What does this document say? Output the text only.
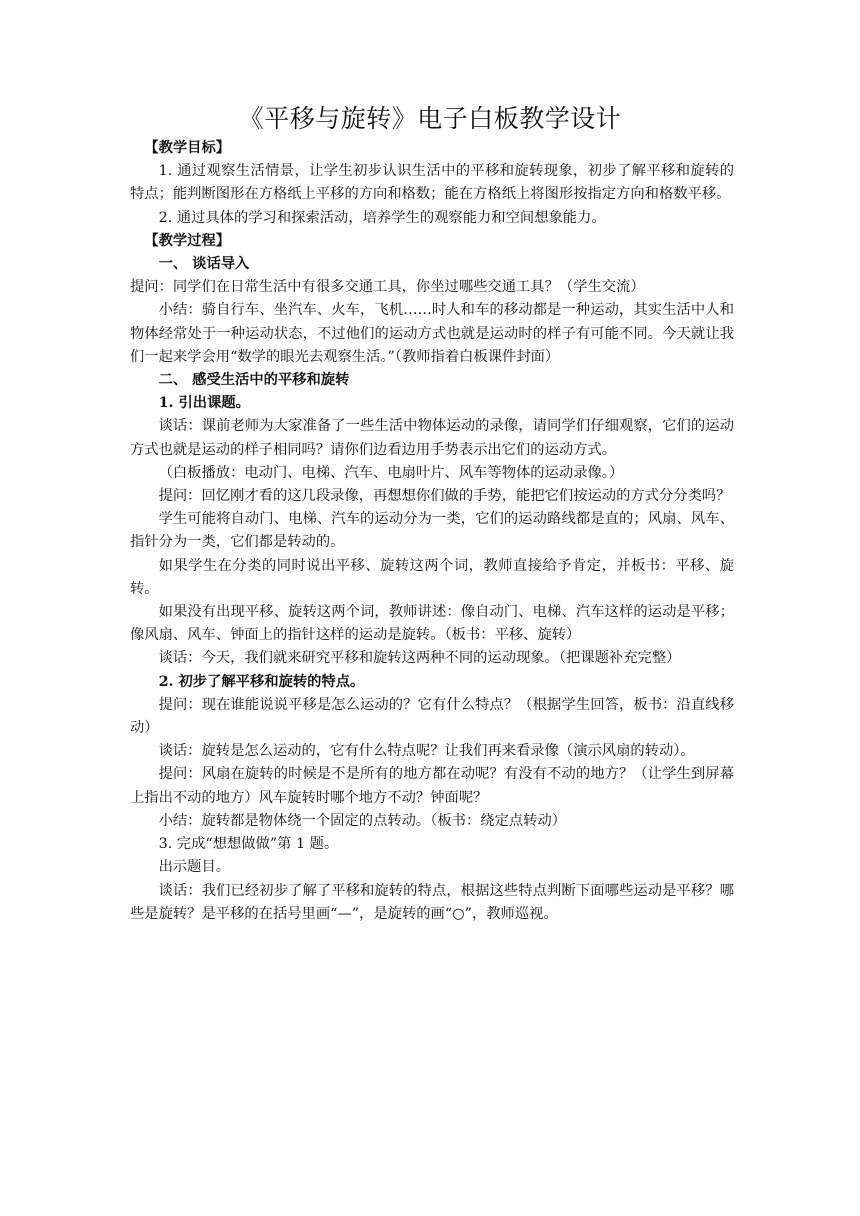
《平移与旋转》电子白板教学设计

【教学目标】

1. 通过观察生活情景，让学生初步认识生活中的平移和旋转现象，初步了解平移和旋转的特点；能判断图形在方格纸上平移的方向和格数；能在方格纸上将图形按指定方向和格数平移。

2. 通过具体的学习和探索活动，培养学生的观察能力和空间想象能力。

【教学过程】

一、 谈话导入

提问：同学们在日常生活中有很多交通工具，你坐过哪些交通工具？（学生交流）

小结：骑自行车、坐汽车、火车，飞机……时人和车的移动都是一种运动，其实生活中人和物体经常处于一种运动状态，不过他们的运动方式也就是运动时的样子有可能不同。今天就让我们一起来学会用“数学的眼光去观察生活。”（教师指着白板课件封面）

二、 感受生活中的平移和旋转

1. 引出课题。

谈话：课前老师为大家准备了一些生活中物体运动的录像，请同学们仔细观察，它们的运动方式也就是运动的样子相同吗？请你们边看边用手势表示出它们的运动方式。

（白板播放：电动门、电梯、汽车、电扇叶片、风车等物体的运动录像。）

提问：回忆刚才看的这几段录像，再想想你们做的手势，能把它们按运动的方式分分类吗？

学生可能将自动门、电梯、汽车的运动分为一类，它们的运动路线都是直的；风扇、风车、指针分为一类，它们都是转动的。

如果学生在分类的同时说出平移、旋转这两个词，教师直接给予肯定，并板书：平移、旋转。

如果没有出现平移、旋转这两个词，教师讲述：像自动门、电梯、汽车这样的运动是平移；像风扇、风车、钟面上的指针这样的运动是旋转。（板书：平移、旋转）

谈话：今天，我们就来研究平移和旋转这两种不同的运动现象。（把课题补充完整）

2. 初步了解平移和旋转的特点。

提问：现在谁能说说平移是怎么运动的？它有什么特点？（根据学生回答，板书：沿直线移动）

谈话：旋转是怎么运动的，它有什么特点呢？让我们再来看录像（演示风扇的转动）。

提问：风扇在旋转的时候是不是所有的地方都在动呢？有没有不动的地方？（让学生到屏幕上指出不动的地方）风车旋转时哪个地方不动？钟面呢？

小结：旋转都是物体绕一个固定的点转动。（板书：绕定点转动）

3. 完成“想想做做”第 1 题。

出示题目。

谈话：我们已经初步了解了平移和旋转的特点，根据这些特点判断下面哪些运动是平移？哪些是旋转？是平移的在括号里画“—”，是旋转的画“○”，教师巡视。
